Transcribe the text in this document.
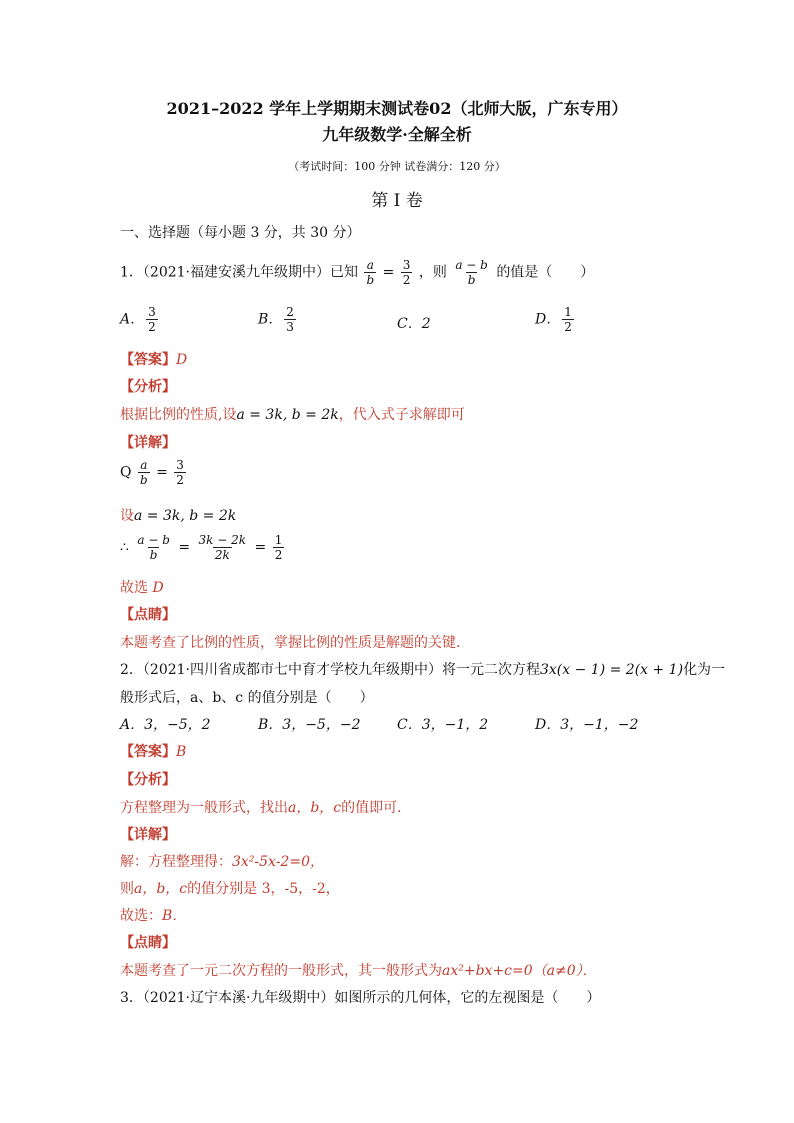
2021–2022 学年上学期期末测试卷02（北师大版，广东专用）
九年级数学·全解全析
（考试时间：100 分钟 试卷满分：120 分）
第 I 卷
一、选择题（每小题 3 分，共 30 分）
1．（2021·福建安溪九年级期中）已知 $\frac{a}{b} = \frac{3}{2}$ ，则 $\frac{a - b}{b}$ 的值是（　　）
A． $\frac{3}{2}$	B． $\frac{2}{3}$	C．2	D． $\frac{1}{2}$
【答案】D
【分析】
根据比例的性质,设a = 3k, b = 2k，代入式子求解即可
【详解】
Q $\frac{a}{b} = \frac{3}{2}$
设a = 3k, b = 2k
∴ $\frac{a - b}{b} = \frac{3k - 2k}{2k} = \frac{1}{2}$
故选 D
【点睛】
本题考查了比例的性质，掌握比例的性质是解题的关键．
2．（2021·四川省成都市七中育才学校九年级期中）将一元二次方程3x(x − 1) = 2(x + 1)化为一
般形式后，a、b、c 的值分别是（　　）
A．3，−5，2	B．3，−5，−2	C．3，−1，2	D．3，−1，−2
【答案】B
【分析】
方程整理为一般形式，找出a，b，c的值即可．
【详解】
解：方程整理得：3x²-5x-2=0，
则a，b，c的值分别是 3，-5，-2，
故选：B．
【点睛】
本题考查了一元二次方程的一般形式，其一般形式为ax²+bx+c=0（a≠0）．
3．（2021·辽宁本溪·九年级期中）如图所示的几何体，它的左视图是（　　）
